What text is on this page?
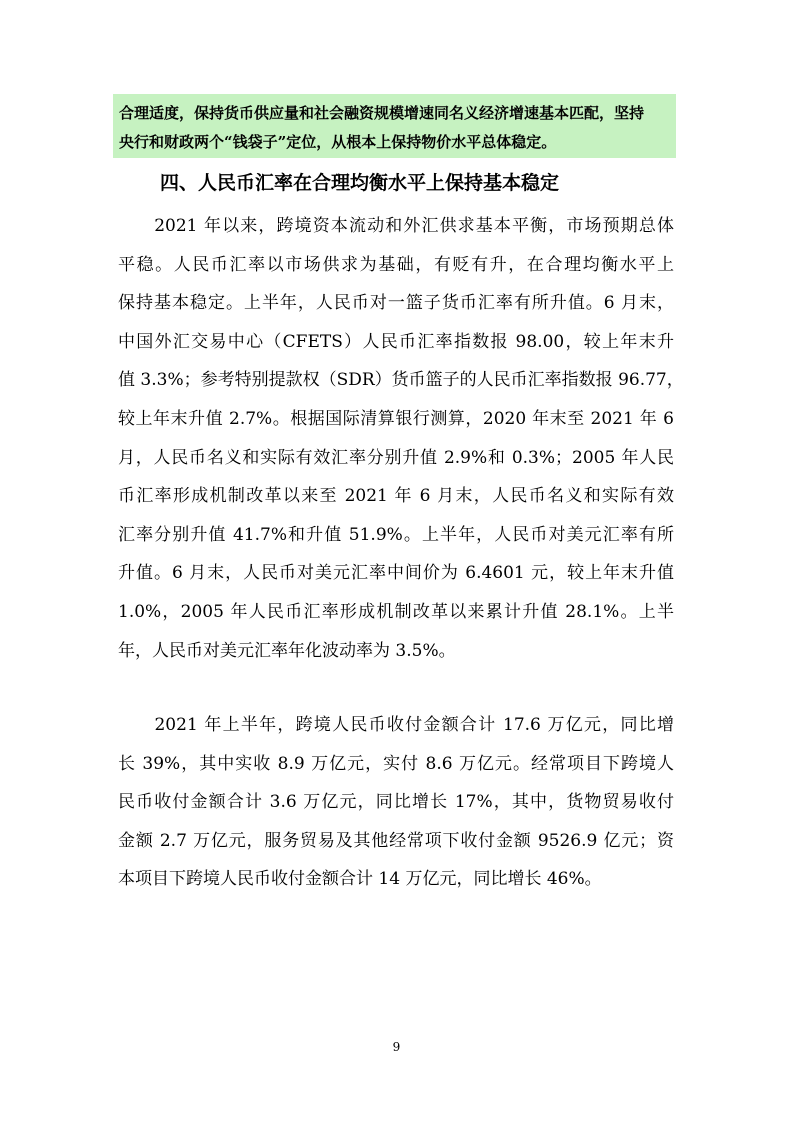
合理适度，保持货币供应量和社会融资规模增速同名义经济增速基本匹配，坚持

央行和财政两个“钱袋子”定位，从根本上保持物价水平总体稳定。

四、人民币汇率在合理均衡水平上保持基本稳定
　　2021 年以来，跨境资本流动和外汇供求基本平衡，市场预期总体
平稳。人民币汇率以市场供求为基础，有贬有升，在合理均衡水平上
保持基本稳定。上半年，人民币对一篮子货币汇率有所升值。6 月末，
中国外汇交易中心（CFETS）人民币汇率指数报 98.00，较上年末升
值 3.3%；参考特别提款权（SDR）货币篮子的人民币汇率指数报 96.77，
较上年末升值 2.7%。根据国际清算银行测算，2020 年末至 2021 年 6
月，人民币名义和实际有效汇率分别升值 2.9%和 0.3%；2005 年人民
币汇率形成机制改革以来至 2021 年 6 月末，人民币名义和实际有效
汇率分别升值 41.7%和升值 51.9%。上半年，人民币对美元汇率有所
升值。6 月末，人民币对美元汇率中间价为 6.4601 元，较上年末升值
1.0%，2005 年人民币汇率形成机制改革以来累计升值 28.1%。上半
年，人民币对美元汇率年化波动率为 3.5%。
　　2021 年上半年，跨境人民币收付金额合计 17.6 万亿元，同比增
长 39%，其中实收 8.9 万亿元，实付 8.6 万亿元。经常项目下跨境人
民币收付金额合计 3.6 万亿元，同比增长 17%，其中，货物贸易收付
金额 2.7 万亿元，服务贸易及其他经常项下收付金额 9526.9 亿元；资
本项目下跨境人民币收付金额合计 14 万亿元，同比增长 46%。

9
